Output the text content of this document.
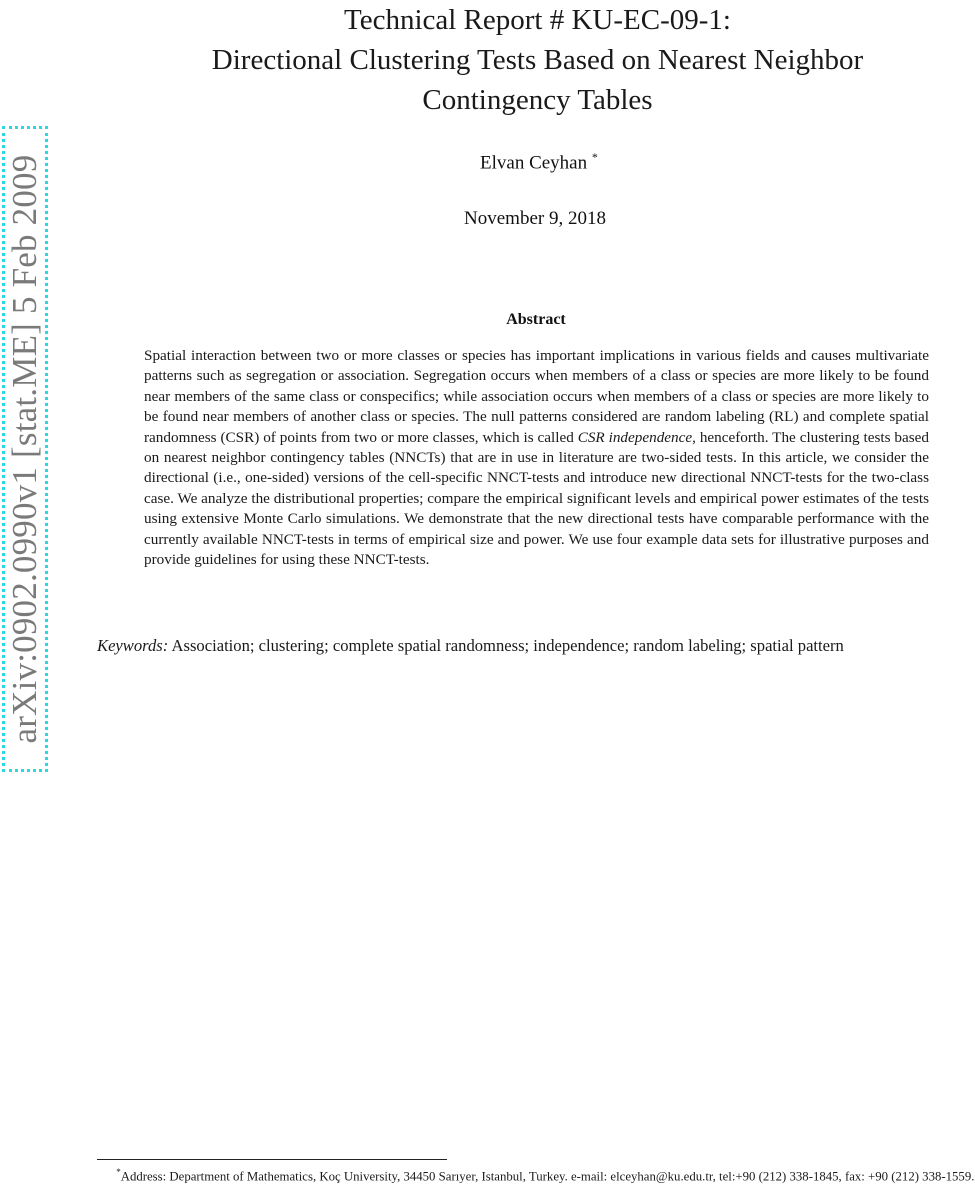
arXiv:0902.0990v1 [stat.ME] 5 Feb 2009
Technical Report # KU-EC-09-1:
Directional Clustering Tests Based on Nearest Neighbor
Contingency Tables
Elvan Ceyhan *
November 9, 2018
Abstract
Spatial interaction between two or more classes or species has important implications in various fields and causes multivariate patterns such as segregation or association. Segregation occurs when members of a class or species are more likely to be found near members of the same class or conspecifics; while association occurs when members of a class or species are more likely to be found near members of another class or species. The null patterns considered are random labeling (RL) and complete spatial randomness (CSR) of points from two or more classes, which is called CSR independence, henceforth. The clustering tests based on nearest neighbor contingency tables (NNCTs) that are in use in literature are two-sided tests. In this article, we consider the directional (i.e., one-sided) versions of the cell-specific NNCT-tests and introduce new directional NNCT-tests for the two-class case. We analyze the distributional properties; compare the empirical significant levels and empirical power estimates of the tests using extensive Monte Carlo simulations. We demonstrate that the new directional tests have comparable performance with the currently available NNCT-tests in terms of empirical size and power. We use four example data sets for illustrative purposes and provide guidelines for using these NNCT-tests.
Keywords: Association; clustering; complete spatial randomness; independence; random labeling; spatial pattern
*Address: Department of Mathematics, Koç University, 34450 Sarıyer, Istanbul, Turkey. e-mail: elceyhan@ku.edu.tr, tel:+90 (212) 338-1845, fax: +90 (212) 338-1559.
